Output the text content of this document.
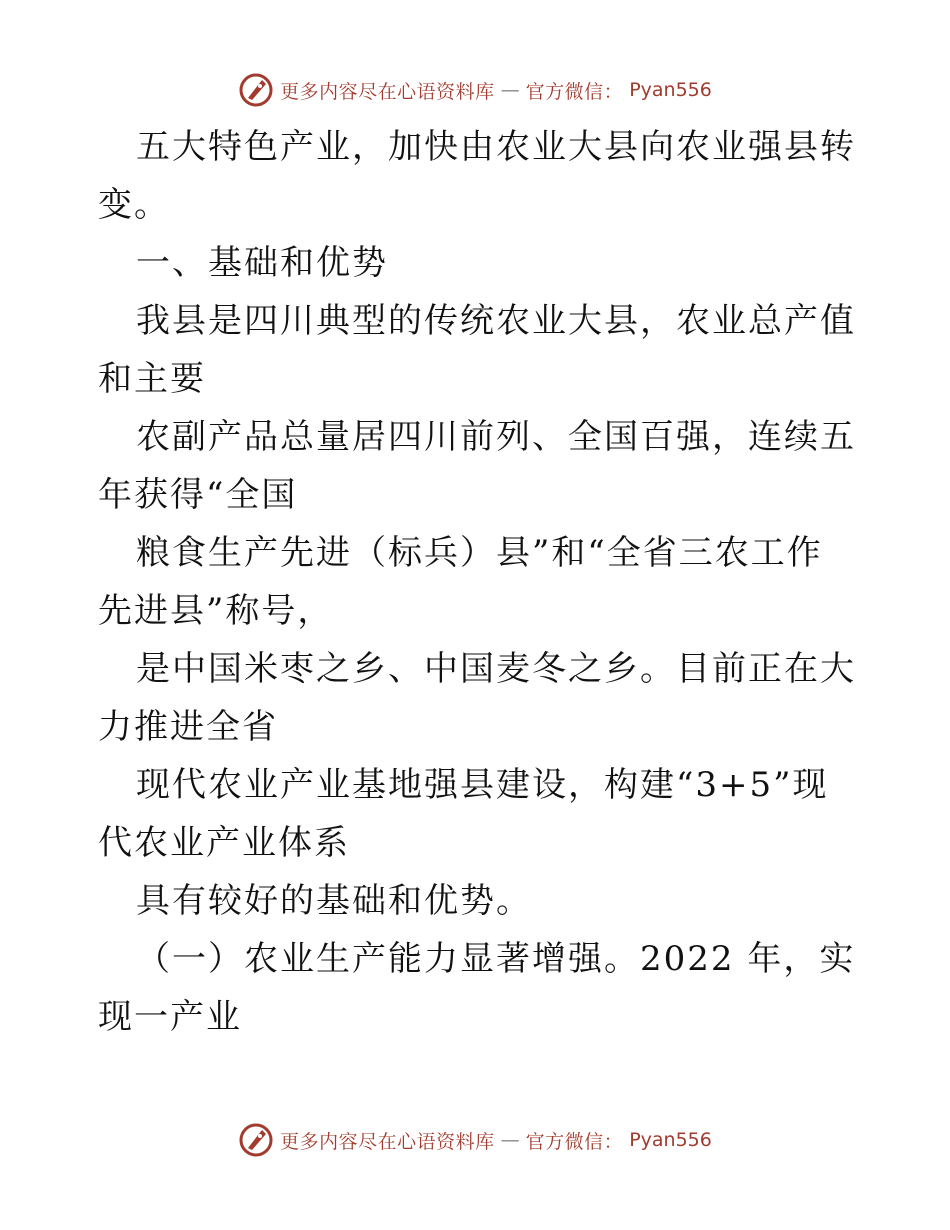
更多内容尽在心语资料库 — 官方微信： Pyan556

五大特色产业，加快由农业大县向农业强县转变。

一、基础和优势

我县是四川典型的传统农业大县，农业总产值和主要

农副产品总量居四川前列、全国百强，连续五年获得“全国

粮食生产先进（标兵）县”和“全省三农工作先进县”称号，

是中国米枣之乡、中国麦冬之乡。目前正在大力推进全省

现代农业产业基地强县建设，构建“3+5”现代农业产业体系

具有较好的基础和优势。

（一）农业生产能力显著增强。2022 年，实现一产业

更多内容尽在心语资料库 — 官方微信： Pyan556
